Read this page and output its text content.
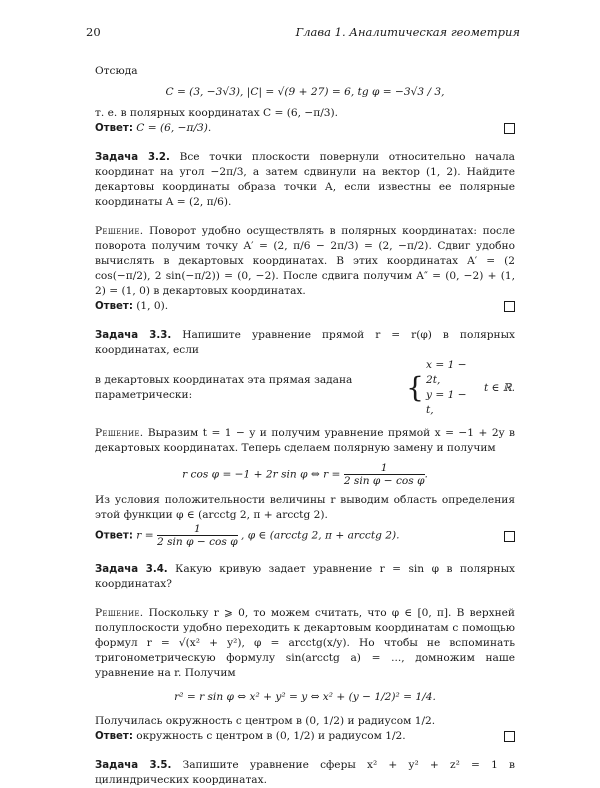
20	Глава 1. Аналитическая геометрия

Отсюда

C = (3, −3√3), |C| = √(9 + 27) = 6, tg φ = −3√3 / 3,

т. е. в полярных координатах C = (6, −π/3).

Ответ: C = (6, −π/3).

Задача 3.2. Все точки плоскости повернули относительно начала координат на угол −2π/3, а затем сдвинули на вектор (1, 2). Найдите декартовы координаты образа точки A, если известны ее полярные координаты A = (2, π/6).

Решение. Поворот удобно осуществлять в полярных координатах: после поворота получим точку A′ = (2, π/6 − 2π/3) = (2, −π/2). Сдвиг удобно вычислять в декартовых координатах. В этих координатах A′ = (2 cos(−π/2), 2 sin(−π/2)) = (0, −2). После сдвига получим A″ = (0, −2) + (1, 2) = (1, 0) в декартовых координатах.

Ответ: (1, 0).

Задача 3.3. Напишите уравнение прямой r = r(φ) в полярных координатах, если

в декартовых координатах эта прямая задана параметрически:	{
x = 1 − 2t,
y = 1 − t,
t ∈ ℝ.

Решение. Выразим t = 1 − y и получим уравнение прямой x = −1 + 2y в декартовых координатах. Теперь сделаем полярную замену и получим

r cos φ = −1 + 2r sin φ ⇔ $r = \frac{1}{\text{2 sin φ − cos φ}}$ .

Из условия положительности величины r выводим область определения этой функции φ ∈ (arcctg 2, π + arcctg 2).

Ответ: $r = \frac{1}{\text{2 sin φ − cos φ}}$ , φ ∈ (arcctg 2, π + arcctg 2).

Задача 3.4. Какую кривую задает уравнение r = sin φ в полярных координатах?

Решение. Поскольку r ⩾ 0, то можем считать, что φ ∈ [0, π]. В верхней полуплоскости удобно переходить к декартовым координатам с помощью формул r = √(x² + y²), φ = arcctg(x/y). Но чтобы не вспоминать тригонометрическую формулу sin(arcctg a) = ..., домножим наше уравнение на r. Получим

r² = r sin φ ⇔ x² + y² = y ⇔ x² + (y − 1/2)² = 1/4.

Получилась окружность с центром в (0, 1/2) и радиусом 1/2.

Ответ: окружность с центром в (0, 1/2) и радиусом 1/2.

Задача 3.5. Запишите уравнение сферы x² + y² + z² = 1 в цилиндрических координатах.
